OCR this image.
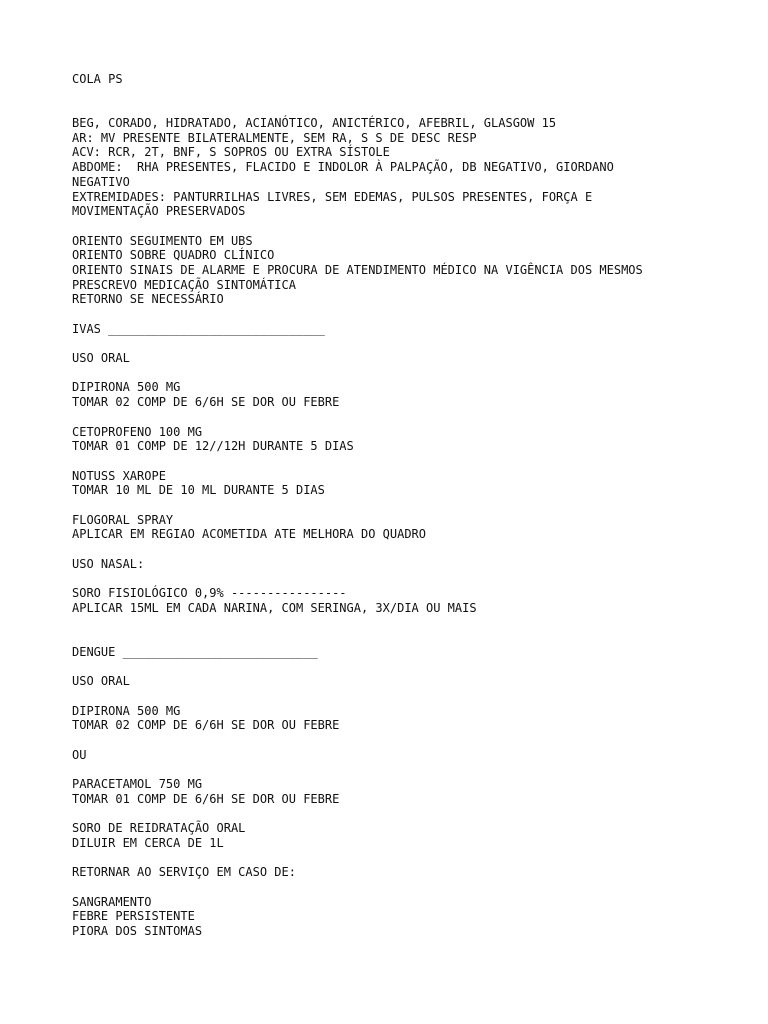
COLA PS
BEG, CORADO, HIDRATADO, ACIANÓTICO, ANICTÉRICO, AFEBRIL, GLASGOW 15
AR: MV PRESENTE BILATERALMENTE, SEM RA, S S DE DESC RESP
ACV: RCR, 2T, BNF, S SOPROS OU EXTRA SÍSTOLE
ABDOME:  RHA PRESENTES, FLACIDO E INDOLOR À PALPAÇÃO, DB NEGATIVO, GIORDANO
NEGATIVO
EXTREMIDADES: PANTURRILHAS LIVRES, SEM EDEMAS, PULSOS PRESENTES, FORÇA E
MOVIMENTAÇÃO PRESERVADOS
ORIENTO SEGUIMENTO EM UBS
ORIENTO SOBRE QUADRO CLÍNICO
ORIENTO SINAIS DE ALARME E PROCURA DE ATENDIMENTO MÉDICO NA VIGÊNCIA DOS MESMOS
PRESCREVO MEDICAÇÃO SINTOMÁTICA
RETORNO SE NECESSÁRIO
IVAS ______________________________
USO ORAL
DIPIRONA 500 MG
TOMAR 02 COMP DE 6/6H SE DOR OU FEBRE
CETOPROFENO 100 MG
TOMAR 01 COMP DE 12//12H DURANTE 5 DIAS
NOTUSS XAROPE
TOMAR 10 ML DE 10 ML DURANTE 5 DIAS
FLOGORAL SPRAY
APLICAR EM REGIAO ACOMETIDA ATE MELHORA DO QUADRO
USO NASAL:
SORO FISIOLÓGICO 0,9% ----------------
APLICAR 15ML EM CADA NARINA, COM SERINGA, 3X/DIA OU MAIS
DENGUE ___________________________
USO ORAL
DIPIRONA 500 MG
TOMAR 02 COMP DE 6/6H SE DOR OU FEBRE
OU
PARACETAMOL 750 MG
TOMAR 01 COMP DE 6/6H SE DOR OU FEBRE
SORO DE REIDRATAÇÃO ORAL
DILUIR EM CERCA DE 1L
RETORNAR AO SERVIÇO EM CASO DE:
SANGRAMENTO
FEBRE PERSISTENTE
PIORA DOS SINTOMAS
